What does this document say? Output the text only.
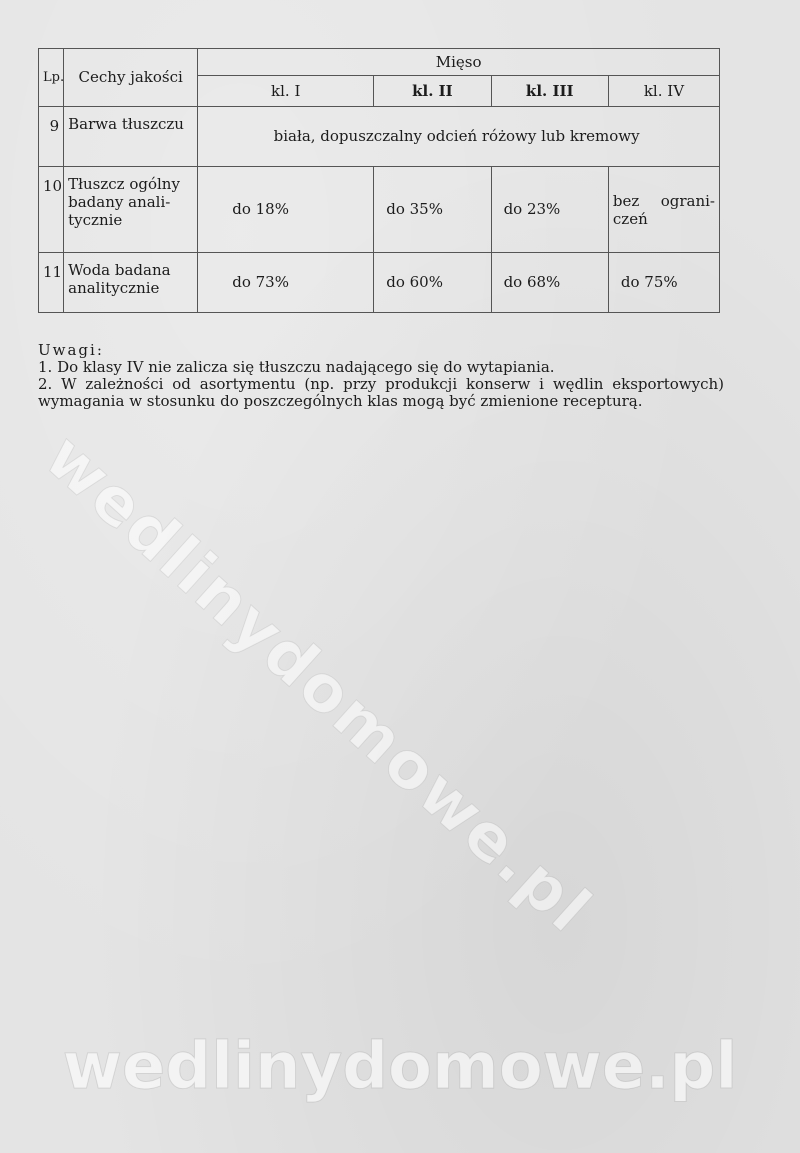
Lp.	Cechy jakości	Mięso			
		kl. I	kl. II	kl. III	kl. IV
9	Barwa tłuszczu	biała, dopuszczalny odcień różowy lub kremowy			
10	Tłuszcz ogólny badany anali-tycznie	do 18%	do 35%	do 23%	bez ograni-czeń
11	Woda badana analitycznie	do 73%	do 60%	do 68%	do 75%

Uwagi:

1. Do klasy IV nie zalicza się tłuszczu nadającego się do wytapiania.

2. W zależności od asortymentu (np. przy produkcji konserw i wędlin eksportowych) wymagania w stosunku do poszczególnych klas mogą być zmienione recepturą.

wedlinydomowe.pl
wedlinydomowe.pl
